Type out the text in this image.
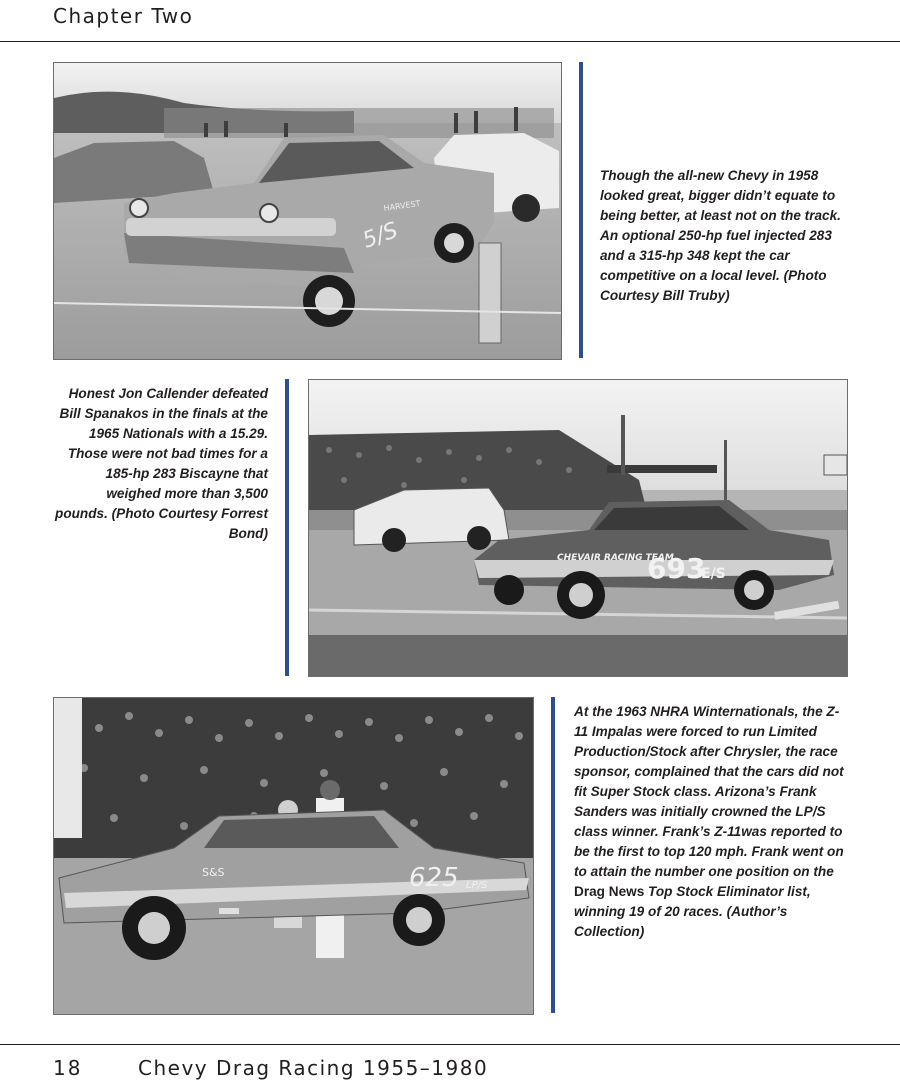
Chapter Two
5/S
HARVEST
Though the all-new Chevy in 1958 looked great, bigger didn’t equate to being better, at least not on the track. An optional 250-hp fuel injected 283 and a 315-hp 348 kept the car competitive on a local level. (Photo Courtesy Bill Truby)
Honest Jon Callender defeated Bill Spanakos in the finals at the 1965 Nationals with a 15.29. Those were not bad times for a 185-hp 283 Biscayne that weighed more than 3,500 pounds. (Photo Courtesy Forrest Bond)
CHEVAIR RACING TEAM
693
E/S
S&S	625 LP/S
At the 1963 NHRA Winternationals, the Z-11 Impalas were forced to run Limited Production/Stock after Chrysler, the race sponsor, complained that the cars did not fit Super Stock class. Arizona’s Frank Sanders was initially crowned the LP/S class winner. Frank’s Z-11was reported to be the first to top 120 mph. Frank went on to attain the number one position on the Drag News Top Stock Eliminator list, winning 19 of 20 races. (Author’s Collection)
18	Chevy Drag Racing 1955–1980
